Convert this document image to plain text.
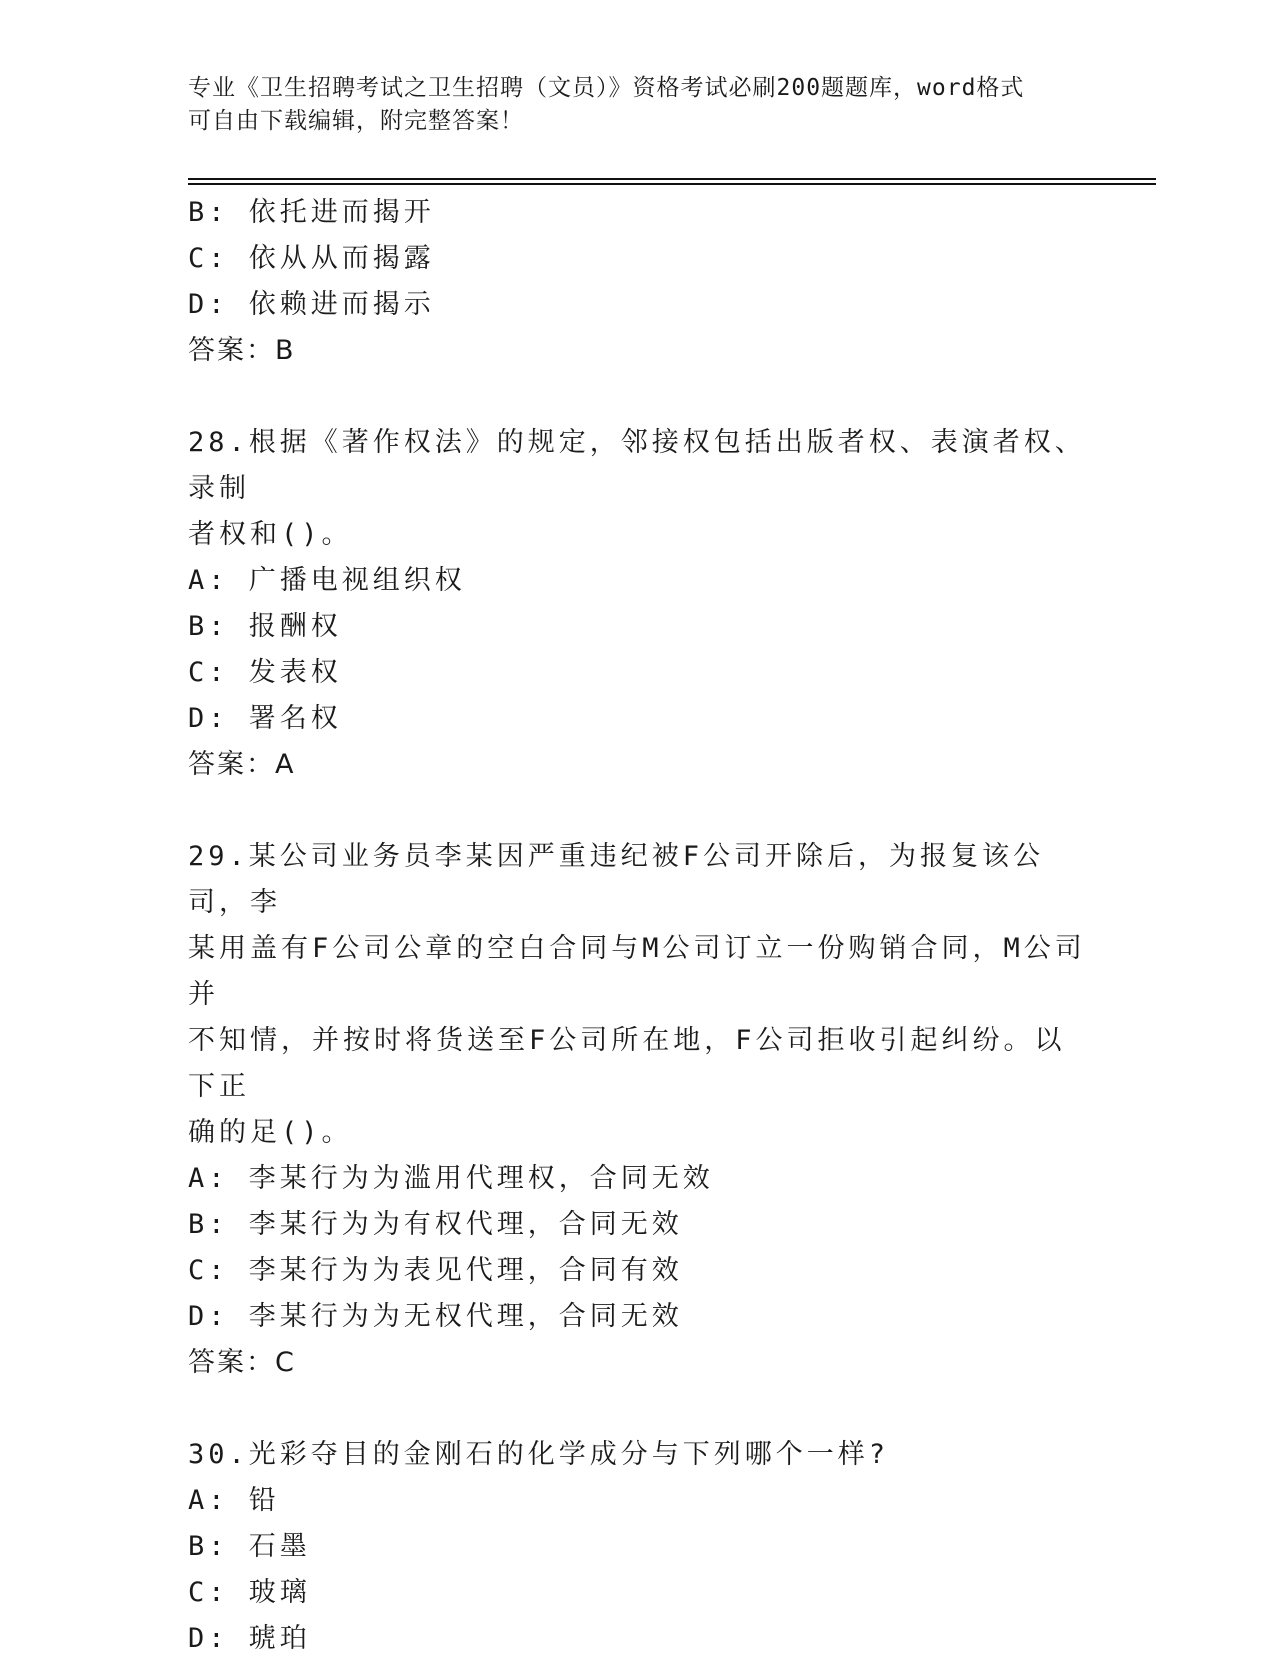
专业《卫生招聘考试之卫生招聘（文员）》资格考试必刷200题题库，word格式
可自由下载编辑，附完整答案！
B: 依托进而揭开
C: 依从从而揭露
D: 依赖进而揭示
答案：B
28.根据《著作权法》的规定，邻接权包括出版者权、表演者权、录制
者权和()。
A: 广播电视组织权
B: 报酬权
C: 发表权
D: 署名权
答案：A
29.某公司业务员李某因严重违纪被F公司开除后，为报复该公司，李
某用盖有F公司公章的空白合同与M公司订立一份购销合同，M公司并
不知情，并按时将货送至F公司所在地，F公司拒收引起纠纷。以下正
确的足()。
A: 李某行为为滥用代理权，合同无效
B: 李某行为为有权代理，合同无效
C: 李某行为为表见代理，合同有效
D: 李某行为为无权代理，合同无效
答案：C
30.光彩夺目的金刚石的化学成分与下列哪个一样?
A: 铅
B: 石墨
C: 玻璃
D: 琥珀
